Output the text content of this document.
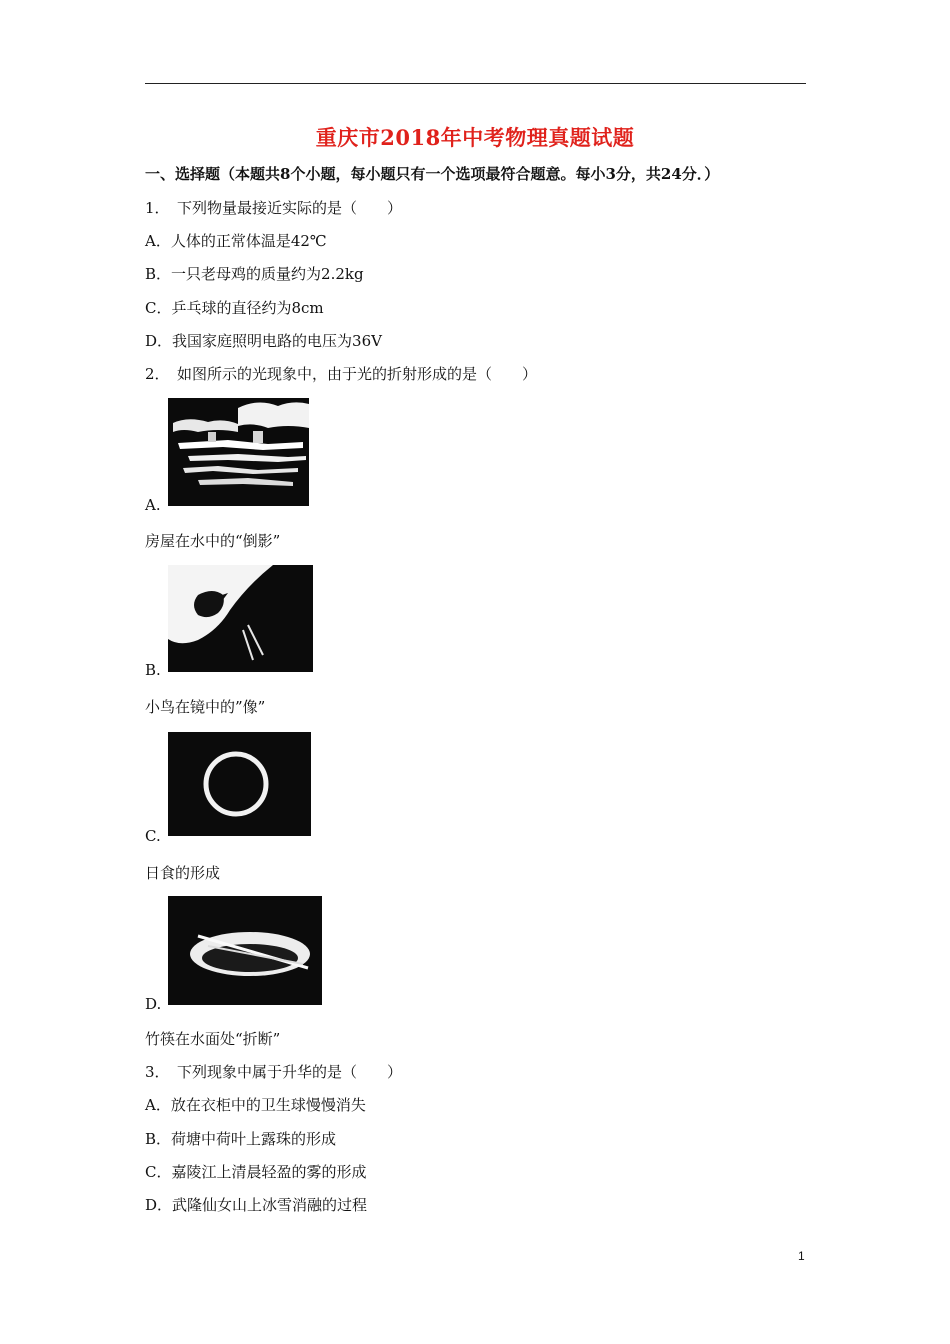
重庆市2018年中考物理真题试题
一、选择题（本题共8个小题，每小题只有一个选项最符合题意。每小3分，共24分．）
1．　下列物量最接近实际的是（　　）
A．人体的正常体温是42℃
B．一只老母鸡的质量约为2.2kg
C．乒乓球的直径约为8cm
D．我国家庭照明电路的电压为36V
2．　如图所示的光现象中，由于光的折射形成的是（　　）
A.
房屋在水中的“倒影”
B.
小鸟在镜中的”像”
C.
日食的形成
D.
竹筷在水面处“折断”
3．　下列现象中属于升华的是（　　）
A．放在衣柜中的卫生球慢慢消失
B．荷塘中荷叶上露珠的形成
C．嘉陵江上清晨轻盈的雾的形成
D．武隆仙女山上冰雪消融的过程
1
